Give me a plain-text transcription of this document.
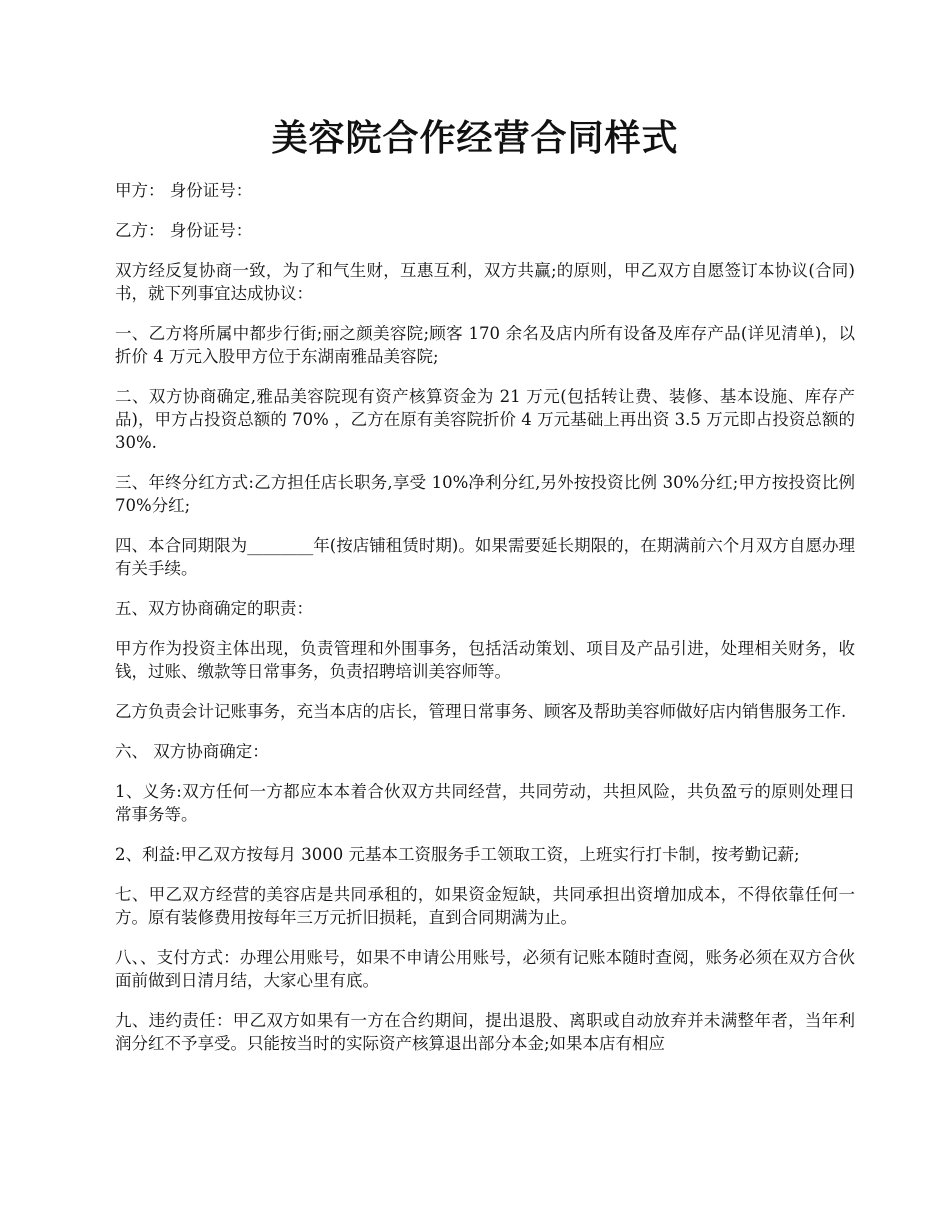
美容院合作经营合同样式

甲方： 身份证号：

乙方： 身份证号：

双方经反复协商一致，为了和气生财，互惠互利，双方共赢;的原则，甲乙双方自愿签订本协议(合同)书，就下列事宜达成协议：

一、乙方将所属中都步行街;丽之颜美容院;顾客 170 余名及店内所有设备及库存产品(详见清单)，以折价 4 万元入股甲方位于东湖南雅品美容院;

二、双方协商确定,雅品美容院现有资产核算资金为 21 万元(包括转让费、装修、基本设施、库存产品)，甲方占投资总额的 70% ，乙方在原有美容院折价 4 万元基础上再出资 3.5 万元即占投资总额的 30%.

三、年终分红方式:乙方担任店长职务,享受 10%净利分红,另外按投资比例 30%分红;甲方按投资比例 70%分红;

四、本合同期限为________年(按店铺租赁时期)。如果需要延长期限的，在期满前六个月双方自愿办理有关手续。

五、双方协商确定的职责：

甲方作为投资主体出现，负责管理和外围事务，包括活动策划、项目及产品引进，处理相关财务，收钱，过账、缴款等日常事务，负责招聘培训美容师等。

乙方负责会计记账事务，充当本店的店长，管理日常事务、顾客及帮助美容师做好店内销售服务工作.

六、 双方协商确定：

1、义务:双方任何一方都应本本着合伙双方共同经营，共同劳动，共担风险，共负盈亏的原则处理日常事务等。

2、利益:甲乙双方按每月 3000 元基本工资服务手工领取工资，上班实行打卡制，按考勤记薪;

七、甲乙双方经营的美容店是共同承租的，如果资金短缺，共同承担出资增加成本，不得依靠任何一方。原有装修费用按每年三万元折旧损耗，直到合同期满为止。

八、、支付方式：办理公用账号，如果不申请公用账号，必须有记账本随时查阅，账务必须在双方合伙面前做到日清月结，大家心里有底。

九、违约责任：甲乙双方如果有一方在合约期间，提出退股、离职或自动放弃并未满整年者，当年利润分红不予享受。只能按当时的实际资产核算退出部分本金;如果本店有相应
